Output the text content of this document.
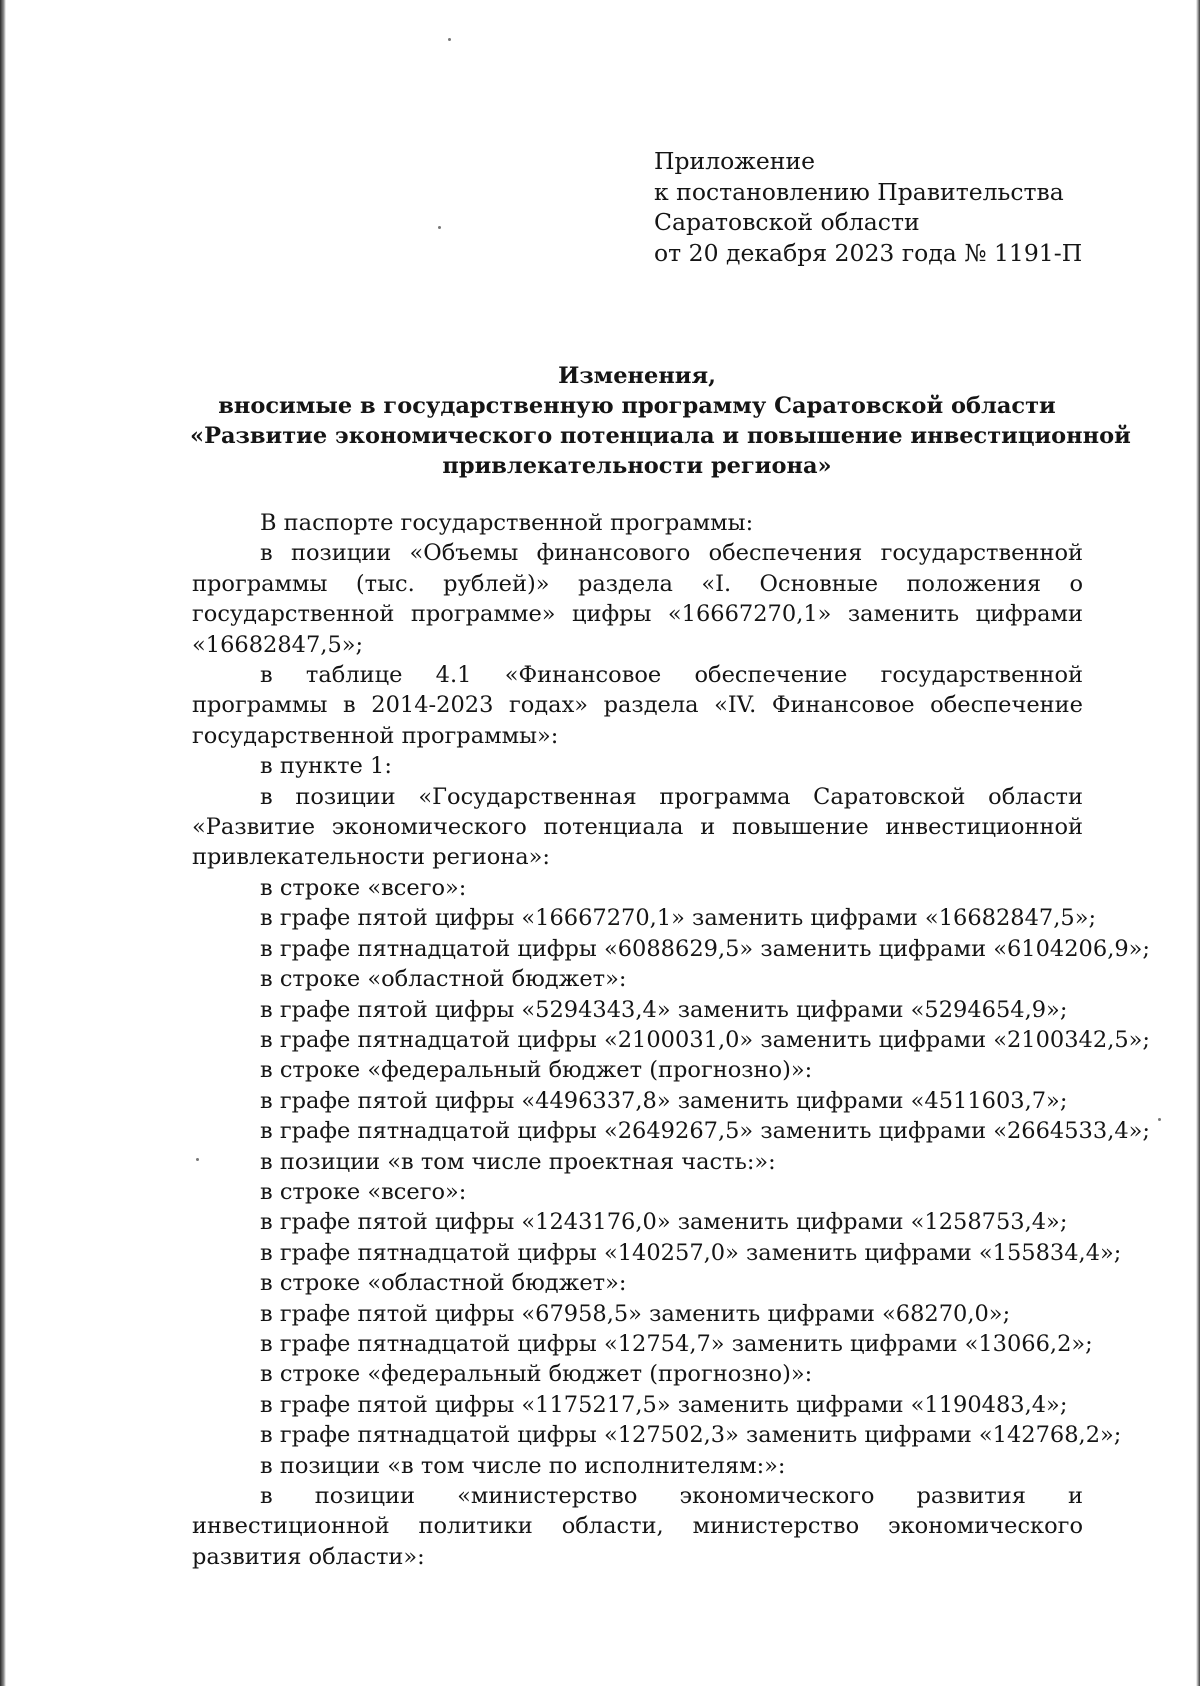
Приложение
к постановлению Правительства
Саратовской области
от 20 декабря 2023 года № 1191-П
Изменения,
вносимые в государственную программу Саратовской области
«Развитие экономического потенциала и повышение инвестиционной
привлекательности региона»

В паспорте государственной программы:

в позиции «Объемы финансового обеспечения государственной программы (тыс. рублей)» раздела «I. Основные положения о государственной программе» цифры «16667270,1» заменить цифрами «16682847,5»;

в таблице 4.1 «Финансовое обеспечение государственной программы в 2014-2023 годах» раздела «IV. Финансовое обеспечение государственной программы»:

в пункте 1:

в позиции «Государственная программа Саратовской области «Развитие экономического потенциала и повышение инвестиционной привлекательности региона»:

в строке «всего»:

в графе пятой цифры «16667270,1» заменить цифрами «16682847,5»;

в графе пятнадцатой цифры «6088629,5» заменить цифрами «6104206,9»;

в строке «областной бюджет»:

в графе пятой цифры «5294343,4» заменить цифрами «5294654,9»;

в графе пятнадцатой цифры «2100031,0» заменить цифрами «2100342,5»;

в строке «федеральный бюджет (прогнозно)»:

в графе пятой цифры «4496337,8» заменить цифрами «4511603,7»;

в графе пятнадцатой цифры «2649267,5» заменить цифрами «2664533,4»;

в позиции «в том числе проектная часть:»:

в строке «всего»:

в графе пятой цифры «1243176,0» заменить цифрами «1258753,4»;

в графе пятнадцатой цифры «140257,0» заменить цифрами «155834,4»;

в строке «областной бюджет»:

в графе пятой цифры «67958,5» заменить цифрами «68270,0»;

в графе пятнадцатой цифры «12754,7» заменить цифрами «13066,2»;

в строке «федеральный бюджет (прогнозно)»:

в графе пятой цифры «1175217,5» заменить цифрами «1190483,4»;

в графе пятнадцатой цифры «127502,3» заменить цифрами «142768,2»;

в позиции «в том числе по исполнителям:»:

в позиции «министерство экономического развития и инвестиционной политики области, министерство экономического развития области»:
